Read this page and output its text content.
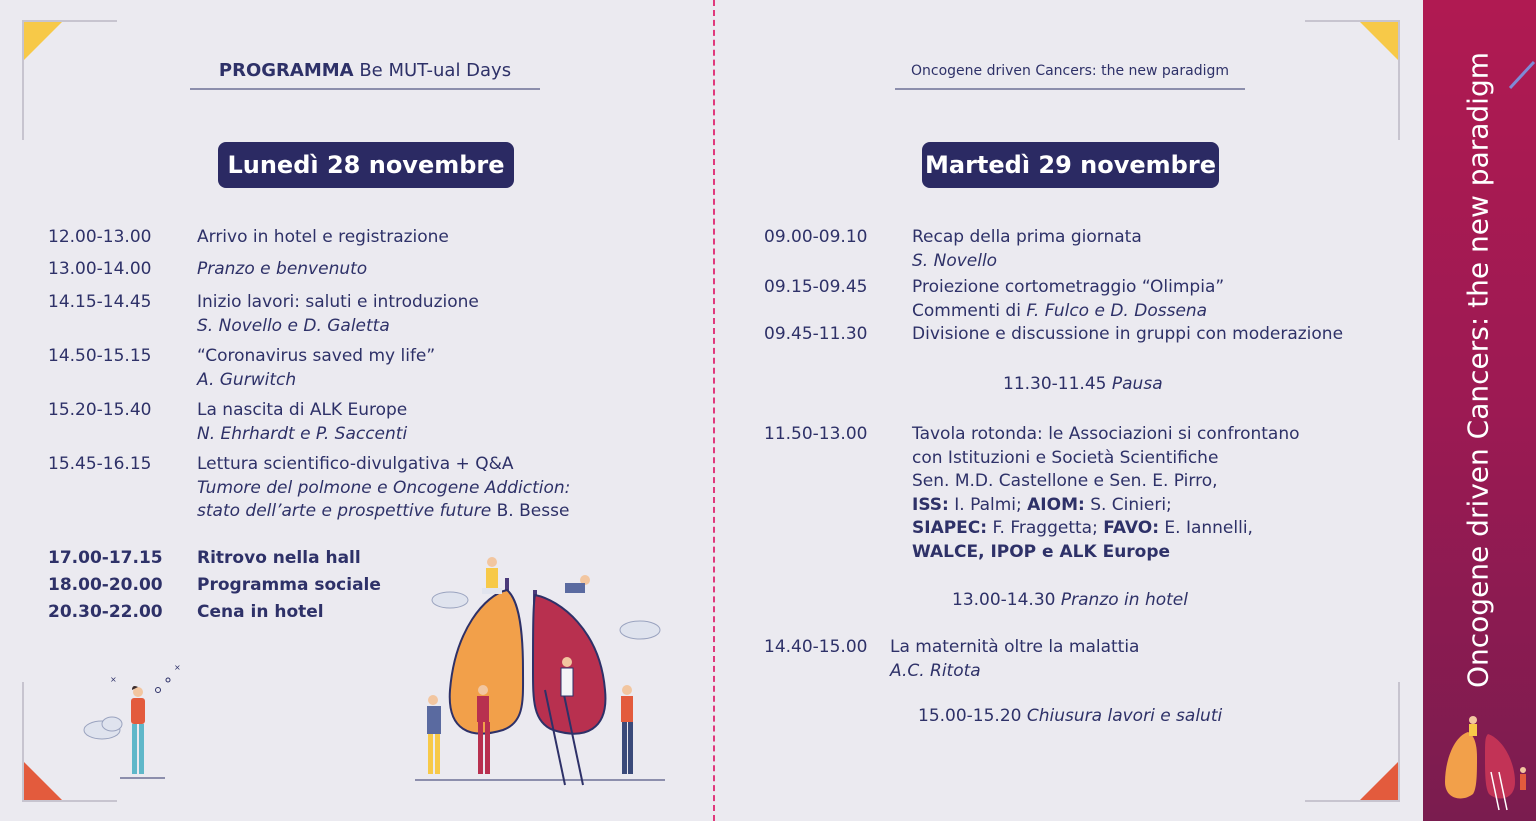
PROGRAMMA Be MUT-ual Days	Oncogene driven Cancers: the new paradigm
Lunedì 28 novembre	Martedì 29 novembre
12.00-13.00	Arrivo in hotel e registrazione
13.00-14.00	Pranzo e benvenuto
14.15-14.45	Inizio lavori: saluti e introduzione
S. Novello e D. Galetta
14.50-15.15	“Coronavirus saved my life”
A. Gurwitch
15.20-15.40	La nascita di ALK Europe
N. Ehrhardt e P. Saccenti
15.45-16.15	Lettura scientifico-divulgativa + Q&A
Tumore del polmone e Oncogene Addiction:
stato dell’arte e prospettive future B. Besse
17.00-17.15 Ritrovo nella hall
18.00-20.00 Programma sociale
20.30-22.00 Cena in hotel
×
×
09.00-09.10	Recap della prima giornata
S. Novello
09.15-09.45	Proiezione cortometraggio “Olimpia”
Commenti di F. Fulco e D. Dossena
09.45-11.30	Divisione e discussione in gruppi con moderazione
11.30-11.45 Pausa
11.50-13.00	Tavola rotonda: le Associazioni si confrontano
con Istituzioni e Società Scientifiche
Sen. M.D. Castellone e Sen. E. Pirro,
ISS: I. Palmi; AIOM: S. Cinieri;
SIAPEC: F. Fraggetta; FAVO: E. Iannelli,
WALCE, IPOP e ALK Europe
13.00-14.30 Pranzo in hotel
14.40-15.00 La maternità oltre la malattia
A.C. Ritota
15.00-15.20 Chiusura lavori e saluti
Oncogene driven Cancers: the new paradigm
